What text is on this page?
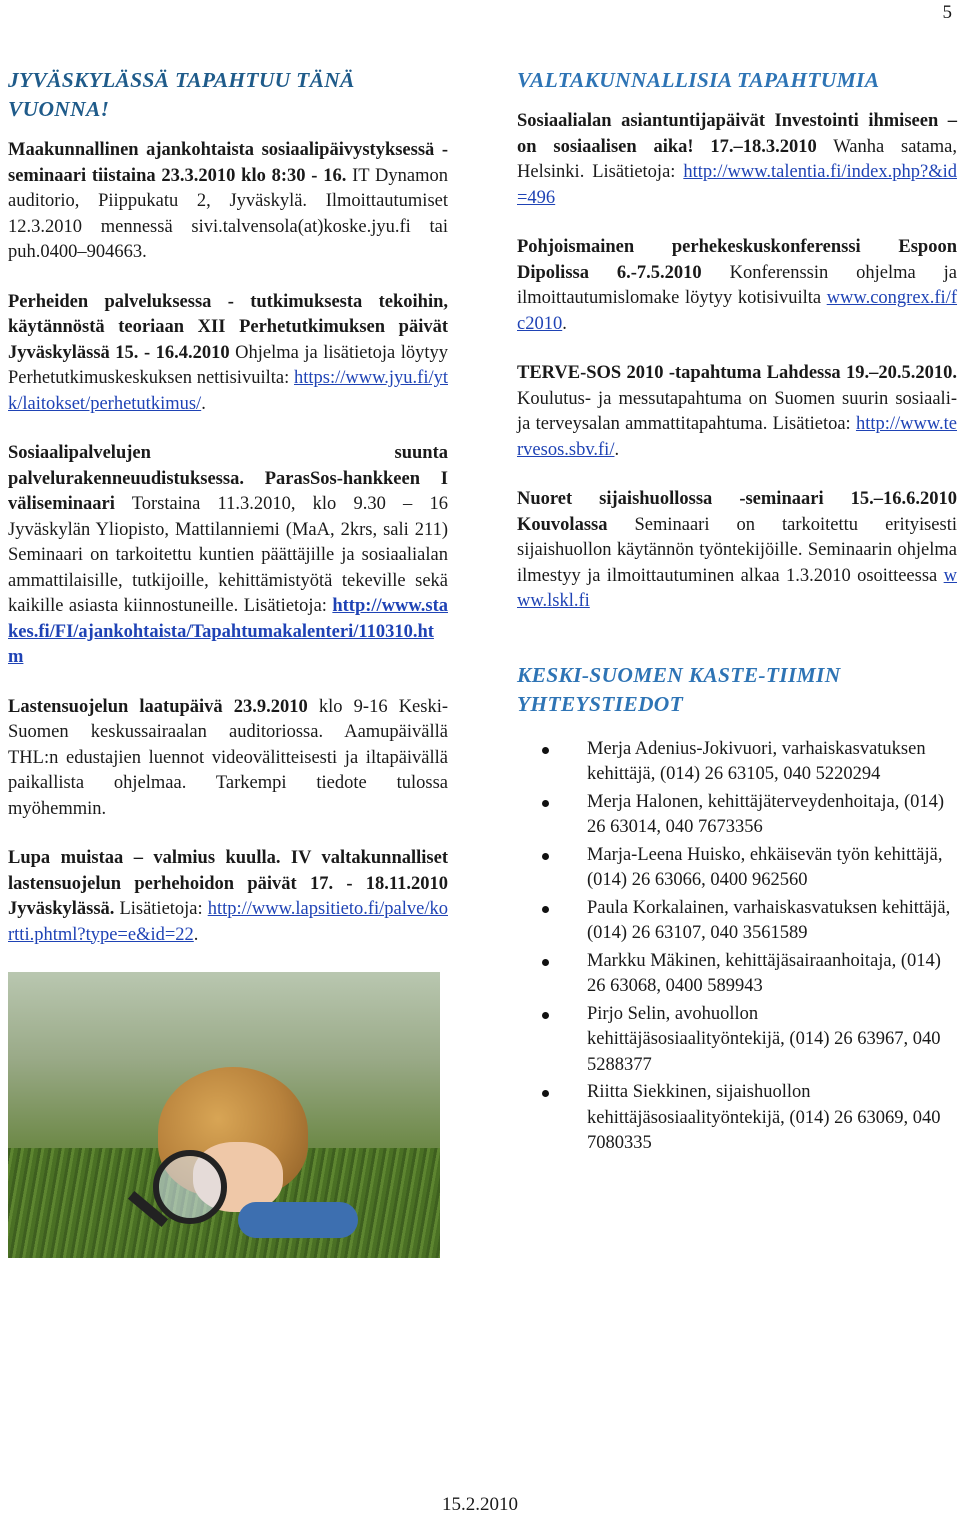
5
JYVÄSKYLÄSSÄ TAPAHTUU TÄNÄ VUONNA!

Maakunnallinen ajankohtaista sosiaalipäivystyksessä -seminaari tiistaina 23.3.2010 klo 8:30 - 16. IT Dynamon auditorio, Piippukatu 2, Jyväskylä. Ilmoittautumiset 12.3.2010 mennessä sivi.talvensola(at)koske.jyu.fi tai puh.0400–904663.

Perheiden palveluksessa - tutkimuksesta tekoihin, käytännöstä teoriaan XII Perhetutkimuksen päivät Jyväskylässä 15. - 16.4.2010 Ohjelma ja lisätietoja löytyy Perhetutkimuskeskuksen nettisivuilta: https://www.jyu.fi/ytk/laitokset/perhetutkimus/.

Sosiaalipalvelujen suunta palvelurakenneuudistuksessa. ParasSos-hankkeen I väliseminaari Torstaina 11.3.2010, klo 9.30 – 16 Jyväskylän Yliopisto, Mattilanniemi (MaA, 2krs, sali 211) Seminaari on tarkoitettu kuntien päättäjille ja sosiaalialan ammattilaisille, tutkijoille, kehittämistyötä tekeville sekä kaikille asiasta kiinnostuneille. Lisätietoja: http://www.stakes.fi/FI/ajankohtaista/Tapahtumakalenteri/110310.htm

Lastensuojelun laatupäivä 23.9.2010 klo 9-16 Keski-Suomen keskussairaalan auditoriossa. Aamupäivällä THL:n edustajien luennot videovälitteisesti ja iltapäivällä paikallista ohjelmaa. Tarkempi tiedote tulossa myöhemmin.

Lupa muistaa – valmius kuulla. IV valtakunnalliset lastensuojelun perhehoidon päivät 17. - 18.11.2010 Jyväskylässä. Lisätietoja: http://www.lapsitieto.fi/palve/kortti.phtml?type=e&id=22.

VALTAKUNNALLISIA TAPAHTUMIA

Sosiaalialan asiantuntijapäivät Investointi ihmiseen – on sosiaalisen aika! 17.–18.3.2010 Wanha satama, Helsinki. Lisätietoja: http://www.talentia.fi/index.php?&id=496

Pohjoismainen perhekeskuskonferenssi Espoon Dipolissa 6.-7.5.2010 Konferenssin ohjelma ja ilmoittautumislomake löytyy kotisivuilta www.congrex.fi/fc2010.

TERVE-SOS 2010 -tapahtuma Lahdessa 19.–20.5.2010. Koulutus- ja messutapahtuma on Suomen suurin sosiaali- ja terveysalan ammattitapahtuma. Lisätietoa: http://www.tervesos.sbv.fi/.

Nuoret sijaishuollossa -seminaari 15.–16.6.2010 Kouvolassa Seminaari on tarkoitettu erityisesti sijaishuollon käytännön työntekijöille. Seminaarin ohjelma ilmestyy ja ilmoittautuminen alkaa 1.3.2010 osoitteessa www.lskl.fi

KESKI-SUOMEN KASTE-TIIMIN YHTEYSTIEDOT
Merja Adenius-Jokivuori, varhaiskasvatuksen kehittäjä, (014) 26 63105, 040 5220294
Merja Halonen, kehittäjäterveydenhoitaja, (014) 26 63014, 040 7673356
Marja-Leena Huisko, ehkäisevän työn kehittäjä, (014) 26 63066, 0400 962560
Paula Korkalainen, varhaiskasvatuksen kehittäjä, (014) 26 63107, 040 3561589
Markku Mäkinen, kehittäjäsairaanhoitaja, (014) 26 63068, 0400 589943
Pirjo Selin, avohuollon kehittäjäsosiaalityöntekijä, (014) 26 63967, 040 5288377
Riitta Siekkinen, sijaishuollon kehittäjäsosiaalityöntekijä, (014) 26 63069, 040 7080335
15.2.2010
